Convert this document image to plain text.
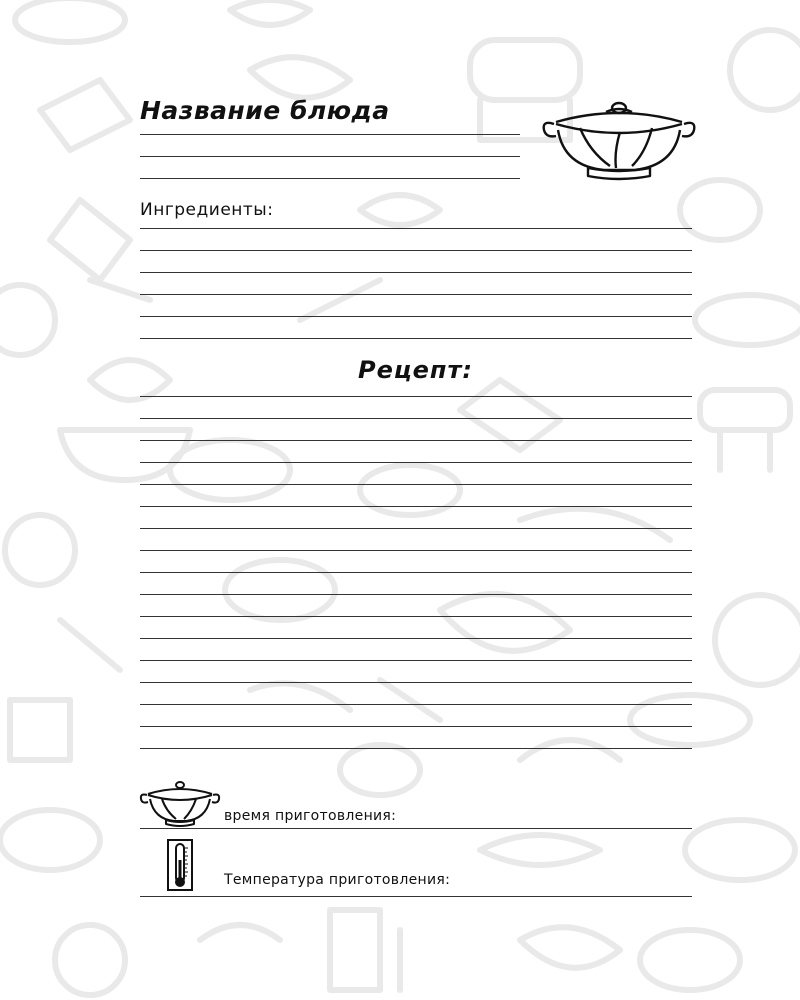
Название блюда
Ингредиенты:
Рецепт:
время приготовления:
Температура приготовления:
